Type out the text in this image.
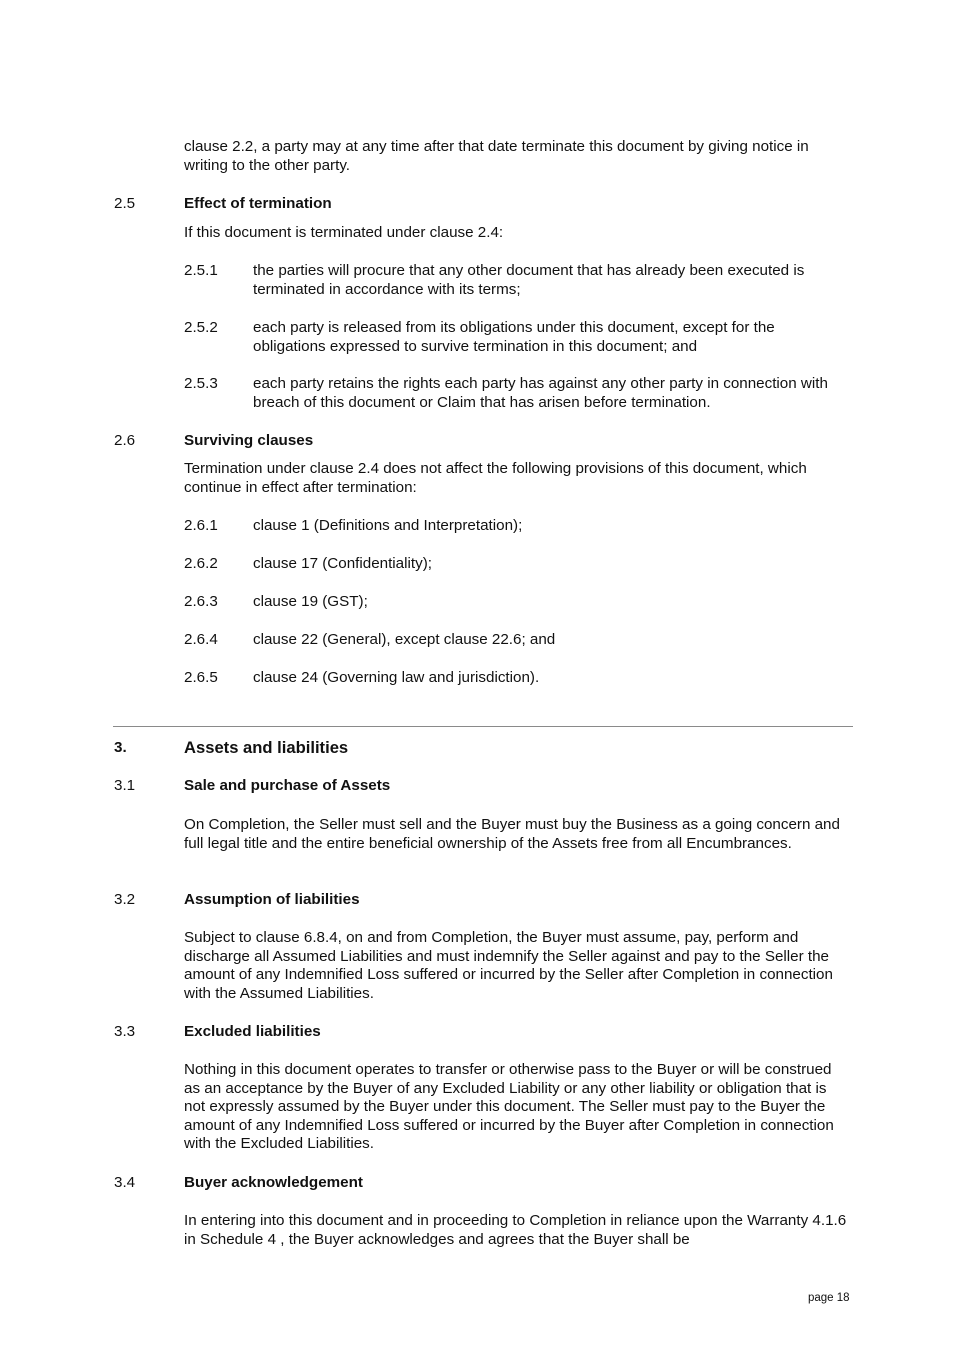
clause 2.2, a party may at any time after that date terminate this document by giving notice in writing to the other party.

2.5	Effect of termination

If this document is terminated under clause 2.4:

2.5.1 the parties will procure that any other document that has already been executed is terminated in accordance with its terms;

2.5.2 each party is released from its obligations under this document, except for the obligations expressed to survive termination in this document; and

2.5.3 each party retains the rights each party has against any other party in connection with breach of this document or Claim that has arisen before termination.

2.6	Surviving clauses

Termination under clause 2.4 does not affect the following provisions of this document, which continue in effect after termination:

2.6.1 clause 1 (Definitions and Interpretation);

2.6.2 clause 17 (Confidentiality);

2.6.3 clause 19 (GST);

2.6.4 clause 22 (General), except clause 22.6; and

2.6.5 clause 24 (Governing law and jurisdiction).

3.	Assets and liabilities

3.1	Sale and purchase of Assets

On Completion, the Seller must sell and the Buyer must buy the Business as a going concern and full legal title and the entire beneficial ownership of the Assets free from all Encumbrances.

3.2	Assumption of liabilities

Subject to clause 6.8.4, on and from Completion, the Buyer must assume, pay, perform and discharge all Assumed Liabilities and must indemnify the Seller against and pay to the Seller the amount of any Indemnified Loss suffered or incurred by the Seller after Completion in connection with the Assumed Liabilities.

3.3	Excluded liabilities

Nothing in this document operates to transfer or otherwise pass to the Buyer or will be construed as an acceptance by the Buyer of any Excluded Liability or any other liability or obligation that is not expressly assumed by the Buyer under this document. The Seller must pay to the Buyer the amount of any Indemnified Loss suffered or incurred by the Buyer after Completion in connection with the Excluded Liabilities.

3.4	Buyer acknowledgement

In entering into this document and in proceeding to Completion in reliance upon the Warranty 4.1.6 in Schedule 4 , the Buyer acknowledges and agrees that the Buyer shall be

page 18
